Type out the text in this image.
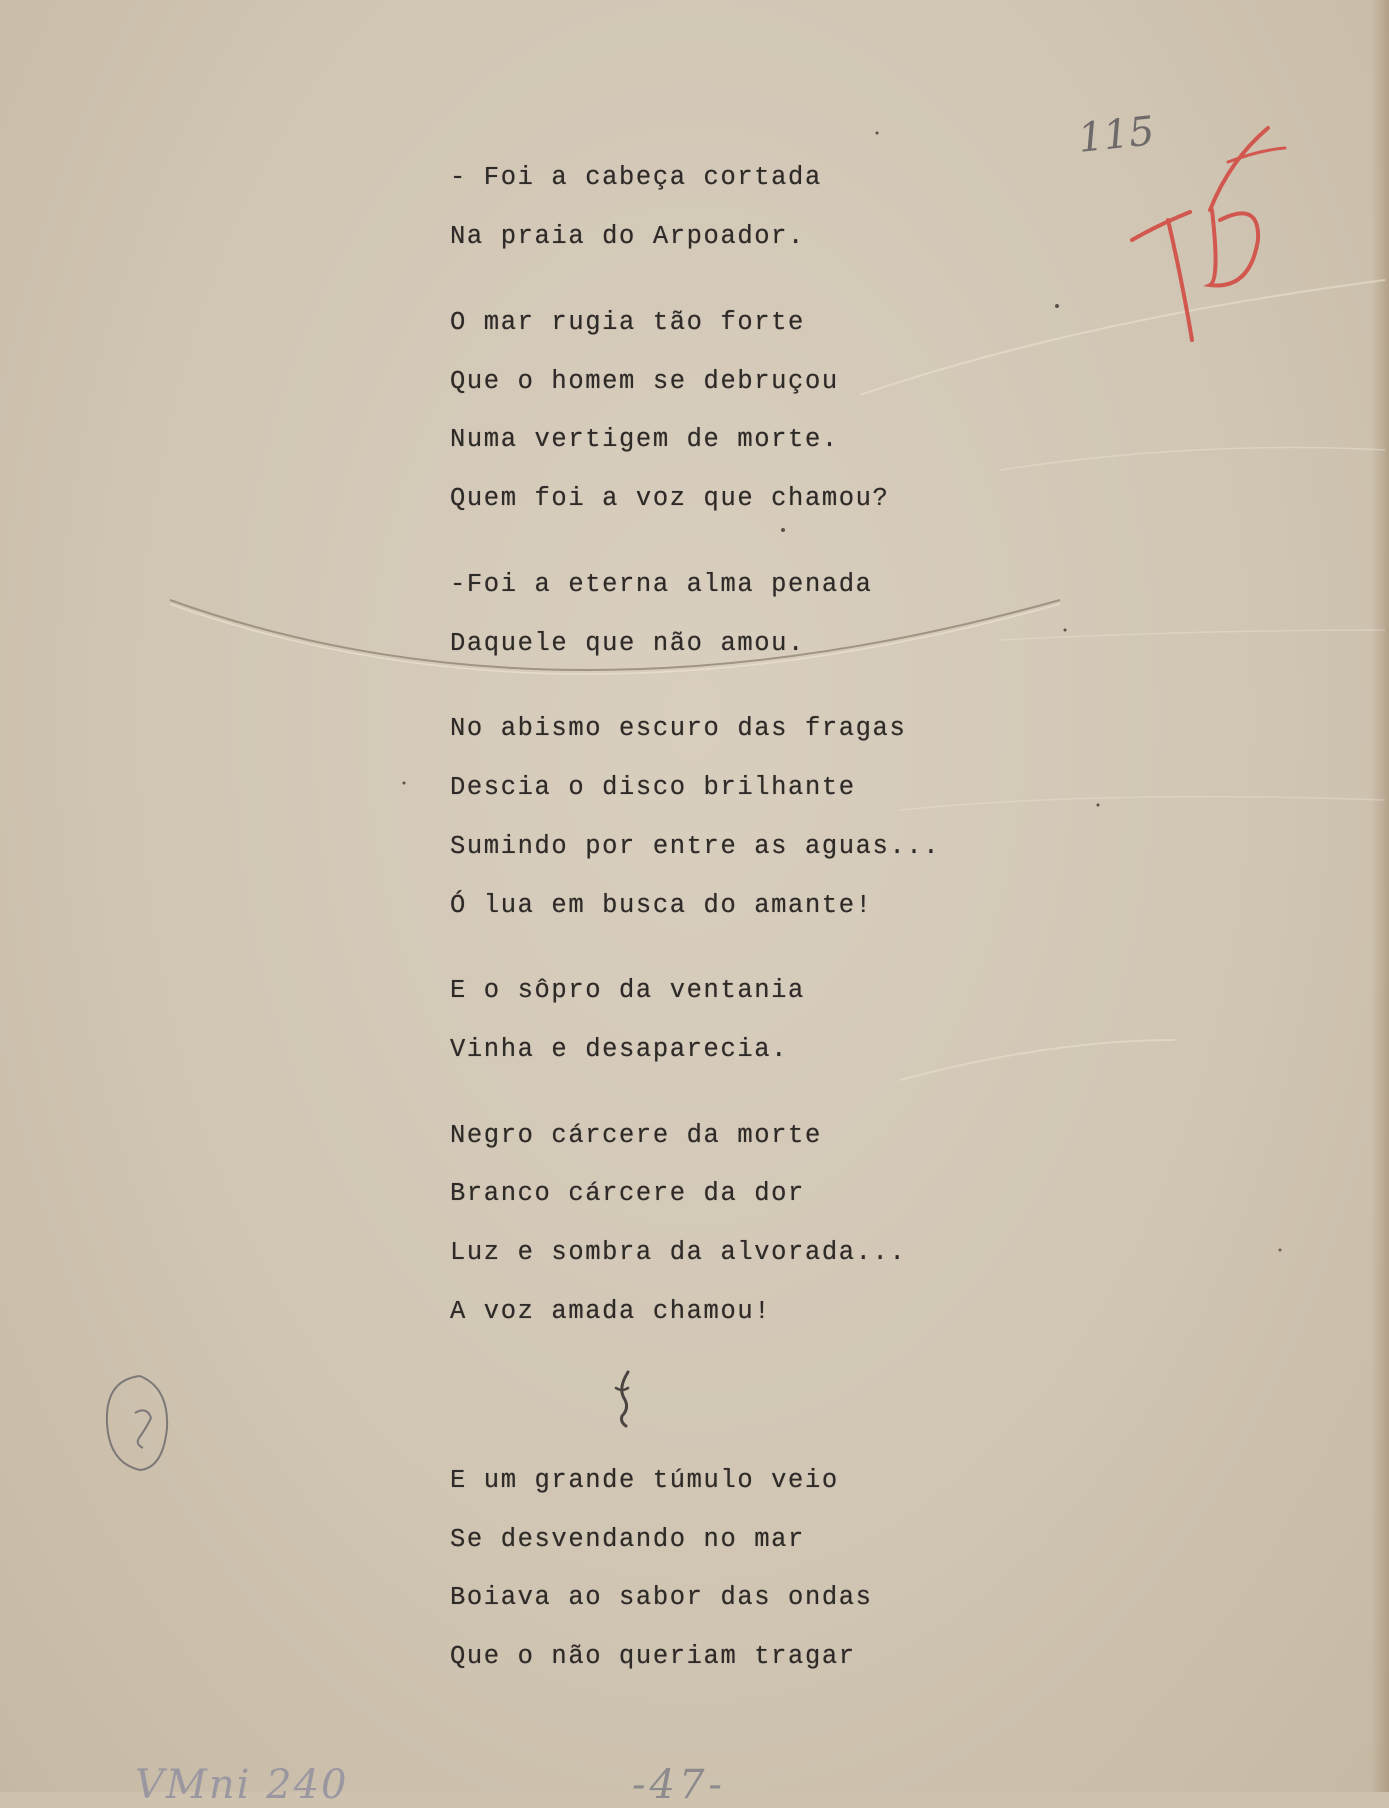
115
- Foi a cabeça cortada
Na praia do Arpoador.
O mar rugia tão forte
Que o homem se debruçou
Numa vertigem de morte.
Quem foi a voz que chamou?
-Foi a eterna alma penada
Daquele que não amou.
No abismo escuro das fragas
Descia o disco brilhante
Sumindo por entre as aguas...
Ó lua em busca do amante!
E o sôpro da ventania
Vinha e desaparecia.
Negro cárcere da morte
Branco cárcere da dor
Luz e sombra da alvorada...
A voz amada chamou!
E um grande túmulo veio
Se desvendando no mar
Boiava ao sabor das ondas
Que o não queriam tragar
-47-
VMni 240
